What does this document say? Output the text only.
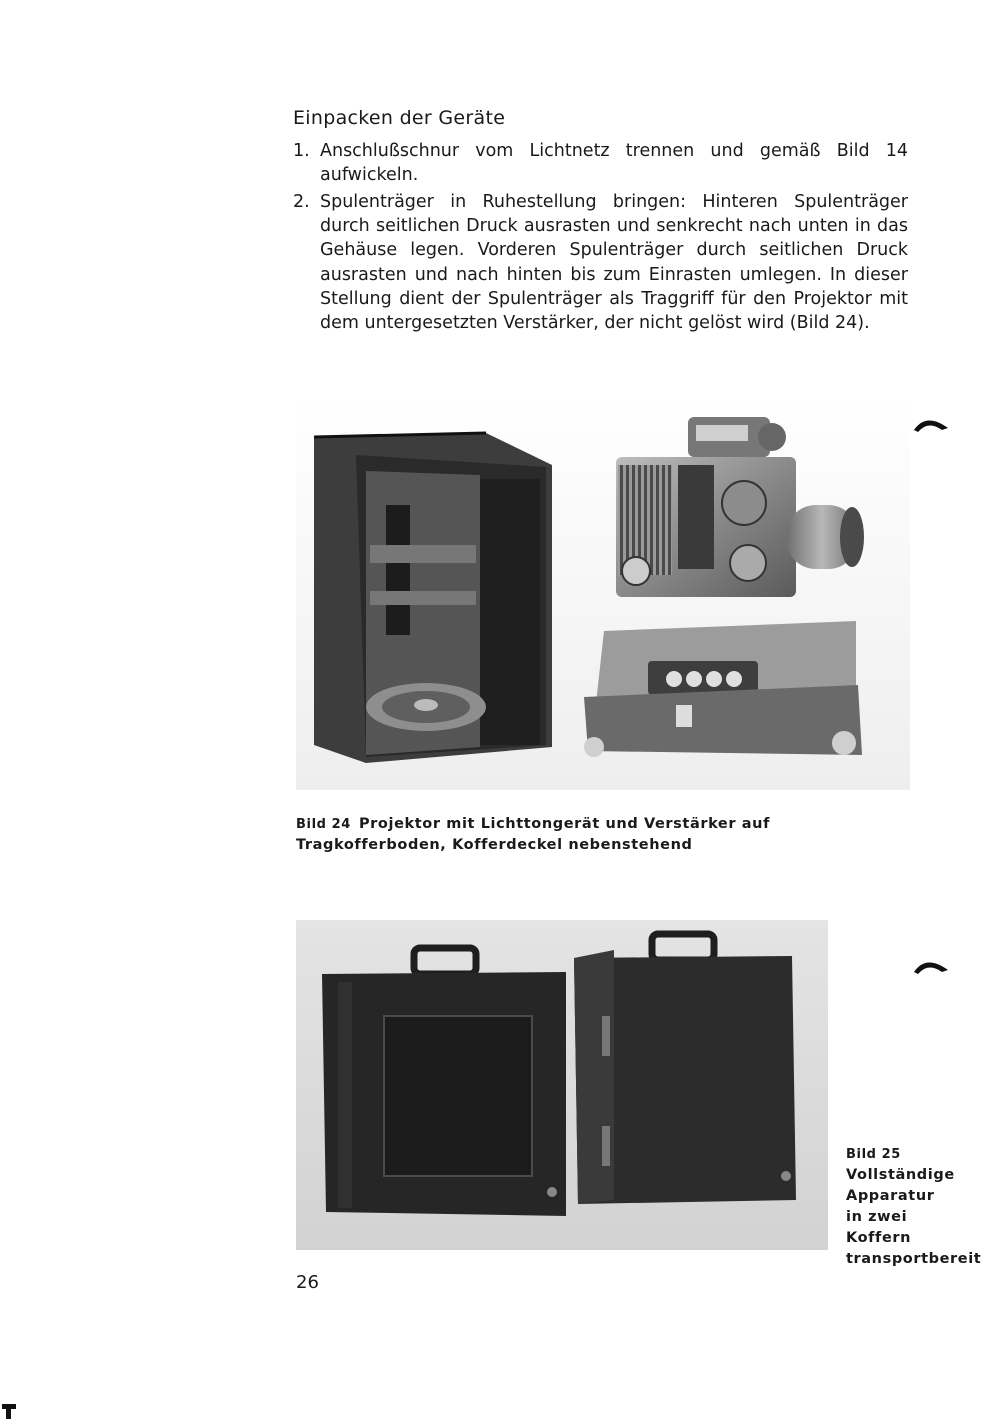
Einpacken der Geräte
1. Anschlußschnur vom Lichtnetz trennen und gemäß Bild 14 aufwickeln.
2. Spulenträger in Ruhestellung bringen: Hinteren Spulenträger durch seitlichen Druck ausrasten und senkrecht nach unten in das Gehäuse legen. Vorderen Spulenträger durch seitlichen Druck ausrasten und nach hinten bis zum Einrasten umlegen. In dieser Stellung dient der Spulenträger als Traggriff für den Projektor mit dem untergesetzten Verstärker, der nicht gelöst wird (Bild 24).
Bild 24 Projektor mit Lichttongerät und Verstärker auf Tragkofferboden, Kofferdeckel nebenstehend
Bild 25
Vollständige Apparatur in zwei Koffern transportbereit
26
